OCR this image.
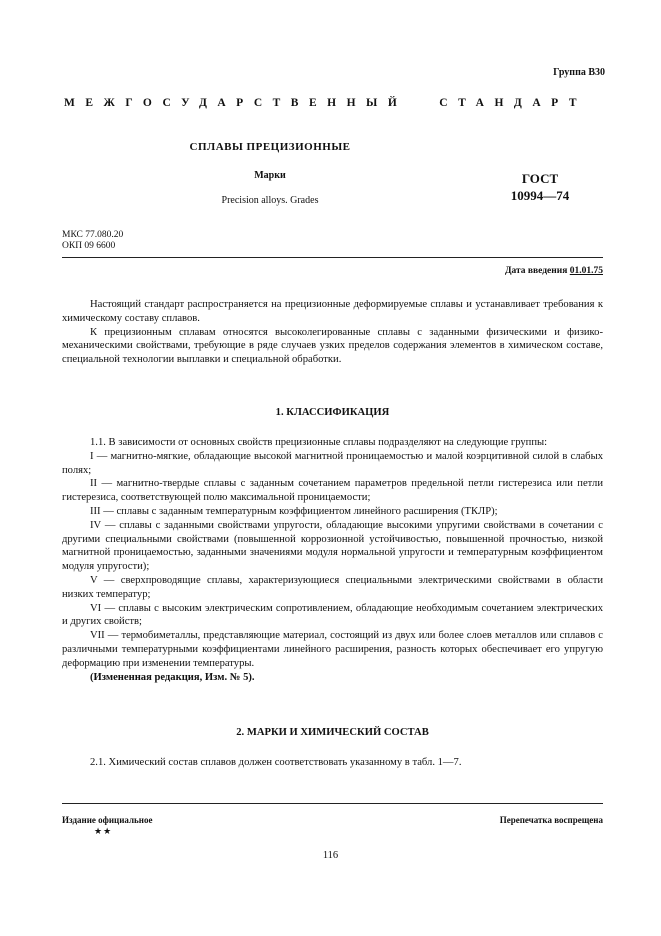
Группа В30
МЕЖГОСУДАРСТВЕННЫЙ	СТАНДАРТ
СПЛАВЫ ПРЕЦИЗИОННЫЕ
Марки
Precision alloys. Grades
ГОСТ
10994—74
МКС 77.080.20
ОКП 09 6600
Дата введения 01.01.75

Настоящий стандарт распространяется на прецизионные деформируемые сплавы и устанавливает требования к химическому составу сплавов.

К прецизионным сплавам относятся высоколегированные сплавы с заданными физическими и физико-механическими свойствами, требующие в ряде случаев узких пределов содержания элементов в химическом составе, специальной технологии выплавки и специальной обработки.

1. КЛАССИФИКАЦИЯ

1.1. В зависимости от основных свойств прецизионные сплавы подразделяют на следующие группы:

I — магнитно-мягкие, обладающие высокой магнитной проницаемостью и малой коэрцитивной силой в слабых полях;

II — магнитно-твердые сплавы с заданным сочетанием параметров предельной петли гистерезиса или петли гистерезиса, соответствующей полю максимальной проницаемости;

III — сплавы с заданным температурным коэффициентом линейного расширения (ТКЛР);

IV — сплавы с заданными свойствами упругости, обладающие высокими упругими свойствами в сочетании с другими специальными свойствами (повышенной коррозионной устойчивостью, повышенной прочностью, низкой магнитной проницаемостью, заданными значениями модуля нормальной упругости и температурным коэффициентом модуля упругости);

V — сверхпроводящие сплавы, характеризующиеся специальными электрическими свойствами в области низких температур;

VI — сплавы с высоким электрическим сопротивлением, обладающие необходимым сочетанием электрических и других свойств;

VII — термобиметаллы, представляющие материал, состоящий из двух или более слоев металлов или сплавов с различными температурными коэффициентами линейного расширения, разность которых обеспечивает его упругую деформацию при изменении температуры.

(Измененная редакция, Изм. № 5).

2. МАРКИ И ХИМИЧЕСКИЙ СОСТАВ

2.1. Химический состав сплавов должен соответствовать указанному в табл. 1—7.

Издание официальное
★★
Перепечатка воспрещена
116
